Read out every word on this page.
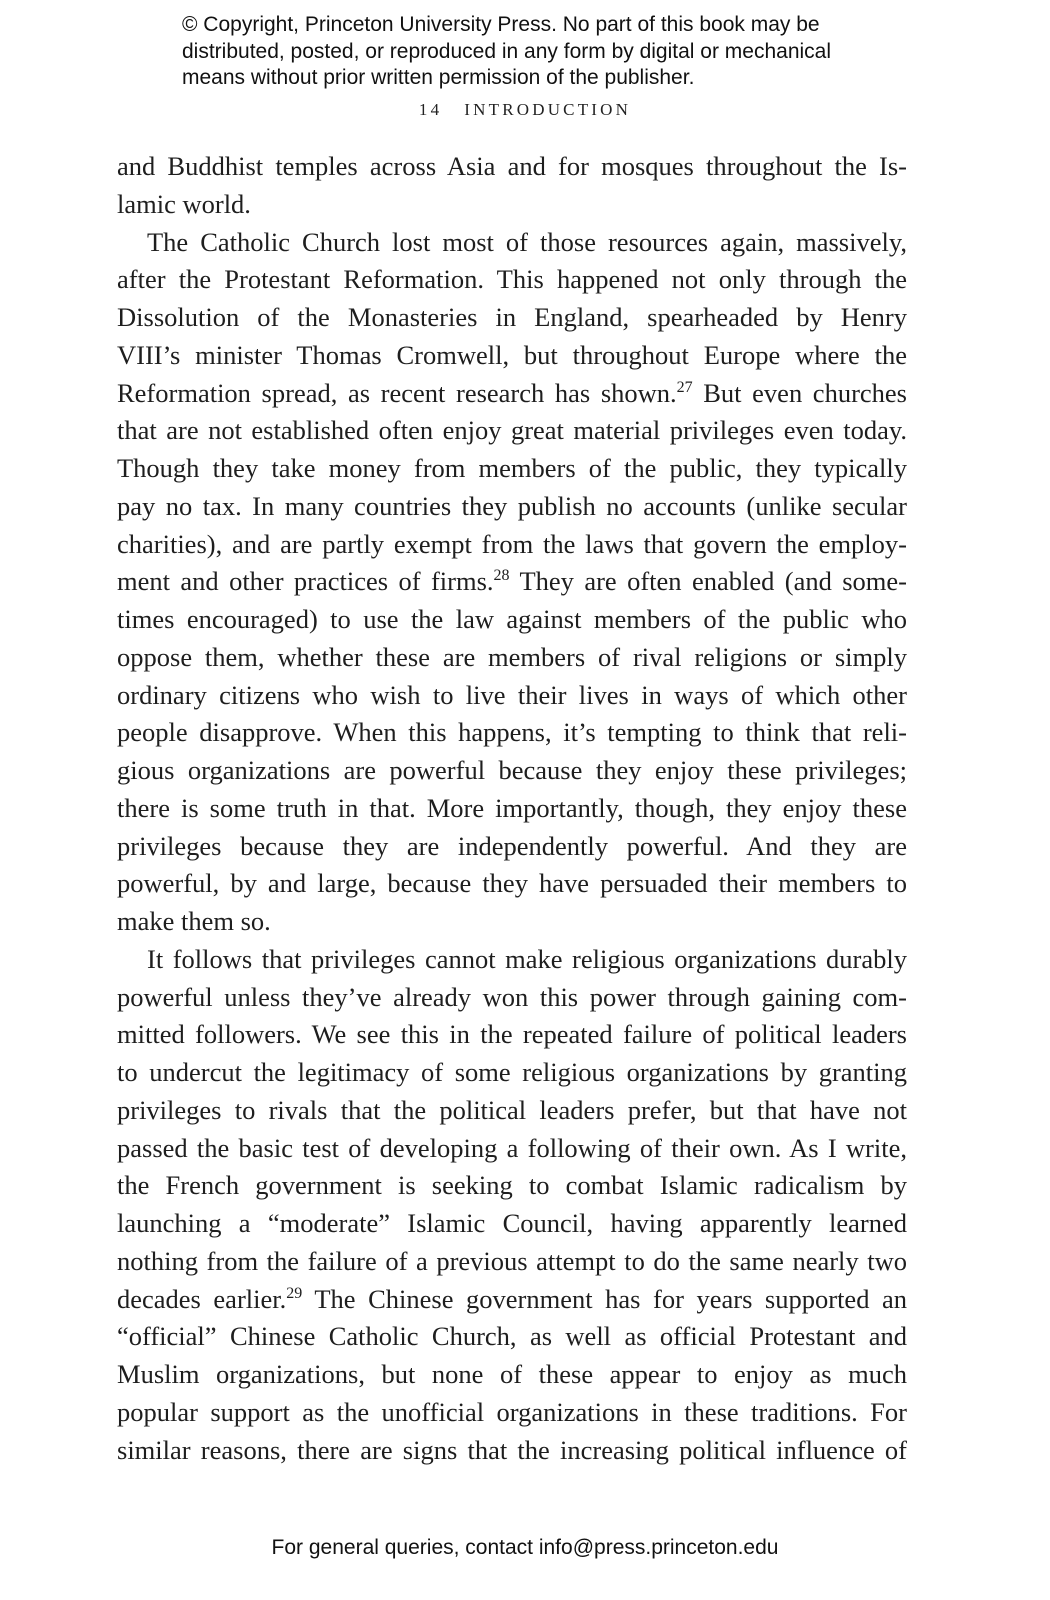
© Copyright, Princeton University Press. No part of this book may be
distributed, posted, or reproduced in any form by digital or mechanical
means without prior written permission of the publisher.
14 INTRODUCTION
and Buddhist temples across Asia and for mosques throughout the Is-
lamic world.
The Catholic Church lost most of those resources again, massively,
after the Protestant Reformation. This happened not only through the
Dissolution of the Monasteries in England, spearheaded by Henry
VIII’s minister Thomas Cromwell, but throughout Europe where the
Reformation spread, as recent research has shown.$^{27}$ But even churches
that are not established often enjoy great material privileges even today.
Though they take money from members of the public, they typically
pay no tax. In many countries they publish no accounts (unlike secular
charities), and are partly exempt from the laws that govern the employ-
ment and other practices of firms.$^{28}$ They are often enabled (and some-
times encouraged) to use the law against members of the public who
oppose them, whether these are members of rival religions or simply
ordinary citizens who wish to live their lives in ways of which other
people disapprove. When this happens, it’s tempting to think that reli-
gious organizations are powerful because they enjoy these privileges;
there is some truth in that. More importantly, though, they enjoy these
privileges because they are independently powerful. And they are
powerful, by and large, because they have persuaded their members to
make them so.
It follows that privileges cannot make religious organizations durably
powerful unless they’ve already won this power through gaining com-
mitted followers. We see this in the repeated failure of political leaders
to undercut the legitimacy of some religious organizations by granting
privileges to rivals that the political leaders prefer, but that have not
passed the basic test of developing a following of their own. As I write,
the French government is seeking to combat Islamic radicalism by
launching a “moderate” Islamic Council, having apparently learned
nothing from the failure of a previous attempt to do the same nearly two
decades earlier.$^{29}$ The Chinese government has for years supported an
“official” Chinese Catholic Church, as well as official Protestant and
Muslim organizations, but none of these appear to enjoy as much
popular support as the unofficial organizations in these traditions. For
similar reasons, there are signs that the increasing political influence of
For general queries, contact info@press.princeton.edu
